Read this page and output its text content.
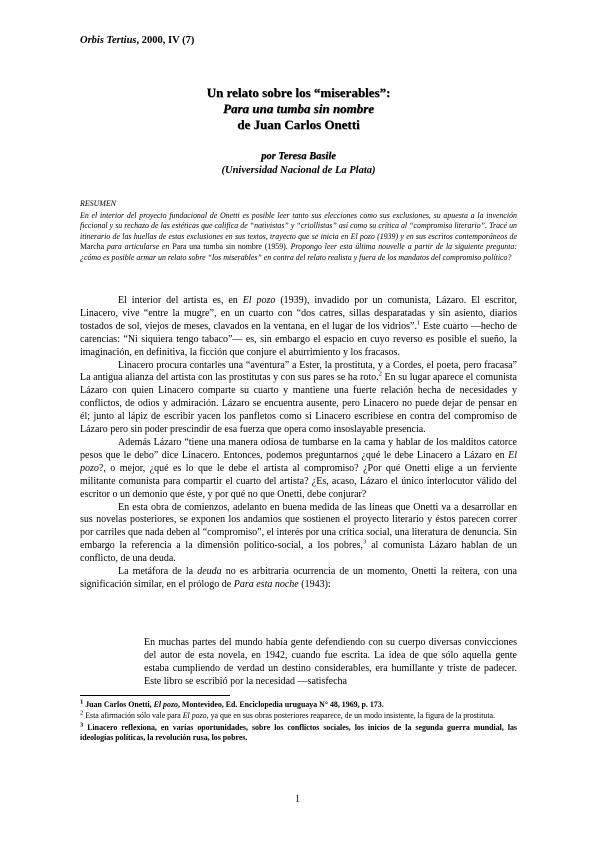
Orbis Tertius, 2000, IV (7)
Un relato sobre los “miserables”:
Para una tumba sin nombre
de Juan Carlos Onetti
por Teresa Basile
(Universidad Nacional de La Plata)
RESUMEN
En el interior del proyecto fundacional de Onetti es posible leer tanto sus elecciones como sus exclusiones, su apuesta a la invención ficcional y su rechazo de las estéticas que califica de “nativistas” y “criollistas” así como su crítica al “compromiso literario”. Tracé un itinerario de las huellas de estas exclusiones en sus textos, trayecto que se inicia en El pozo (1939) y en sus escritos contemporáneos de Marcha para articularse en Para una tumba sin nombre (1959). Propongo leer esta última nouvelle a partir de la siguiente pregunta: ¿cómo es posible armar un relato sobre “los miserables” en contra del relato realista y fuera de los mandatos del compromiso político?

El interior del artista es, en El pozo (1939), invadido por un comunista, Lázaro. El escritor, Linacero, vive “entre la mugre”, en un cuarto con “dos catres, sillas desparatadas y sin asiento, diarios tostados de sol, viejos de meses, clavados en la ventana, en el lugar de los vidrios”.$^1$ Este cuarto —hecho de carencias: “Ni siquiera tengo tabaco”— es, sin embargo el espacio en cuyo reverso es posible el sueño, la imaginación, en definitiva, la ficción que conjure el aburrimiento y los fracasos.

Linacero procura contarles una “aventura” a Ester, la prostituta, y a Cordes, el poeta, pero fracasa” La antigua alianza del artista con las prostitutas y con sus pares se ha roto.$^2$ En su lugar aparece el comunista Lázaro con quien Linacero comparte su cuarto y mantiene una fuerte relación hecha de necesidades y conflictos, de odios y admiración. Lázaro se encuentra ausente, pero Linacero no puede dejar de pensar en él; junto al lápiz de escribir yacen los panfletos como si Linacero escribiese en contra del compromiso de Lázaro pero sin poder prescindir de esa fuerza que opera como insoslayable presencia.

Además Lázaro “tiene una manera odiosa de tumbarse en la cama y hablar de los malditos catorce pesos que le debo” dice Linacero. Entonces, podemos preguntarnos ¿qué le debe Linacero a Lázaro en El pozo?, o mejor, ¿qué es lo que le debe el artista al compromiso? ¿Por qué Onetti elige a un ferviente militante comunista para compartir el cuarto del artista? ¿Es, acaso, Lázaro el único interlocutor válido del escritor o un demonio que éste, y por qué no que Onetti, debe conjurar?

En esta obra de comienzos, adelanto en buena medida de las líneas que Onetti va a desarrollar en sus novelas posteriores, se exponen los andamios que sostienen el proyecto literario y éstos parecen correr por carriles que nada deben al “compromiso”, el interés por una crítica social, una literatura de denuncia. Sin embargo la referencia a la dimensión político-social, a los pobres,$^3$ al comunista Lázaro hablan de un conflicto, de una deuda.

La metáfora de la deuda no es arbitraria ocurrencia de un momento, Onetti la reitera, con una significación similar, en el prólogo de Para esta noche (1943):

En muchas partes del mundo había gente defendiendo con su cuerpo diversas convicciones del autor de esta novela, en 1942, cuando fue escrita. La idea de que sólo aquella gente estaba cumpliendo de verdad un destino considerables, era humillante y triste de padecer. Este libro se escribió por la necesidad —satisfecha
$^1$ Juan Carlos Onetti, El pozo, Montevideo, Ed. Enciclopedia uruguaya N° 48, 1969, p. 173.
$^2$ Esta afirmación sólo vale para El pozo, ya que en sus obras posteriores reaparece, de un modo insistente, la figura de la prostituta.
$^3$ Linacero reflexiona, en varias oportunidades, sobre los conflictos sociales, los inicios de la segunda guerra mundial, las ideologías políticas, la revolución rusa, los pobres.
1
